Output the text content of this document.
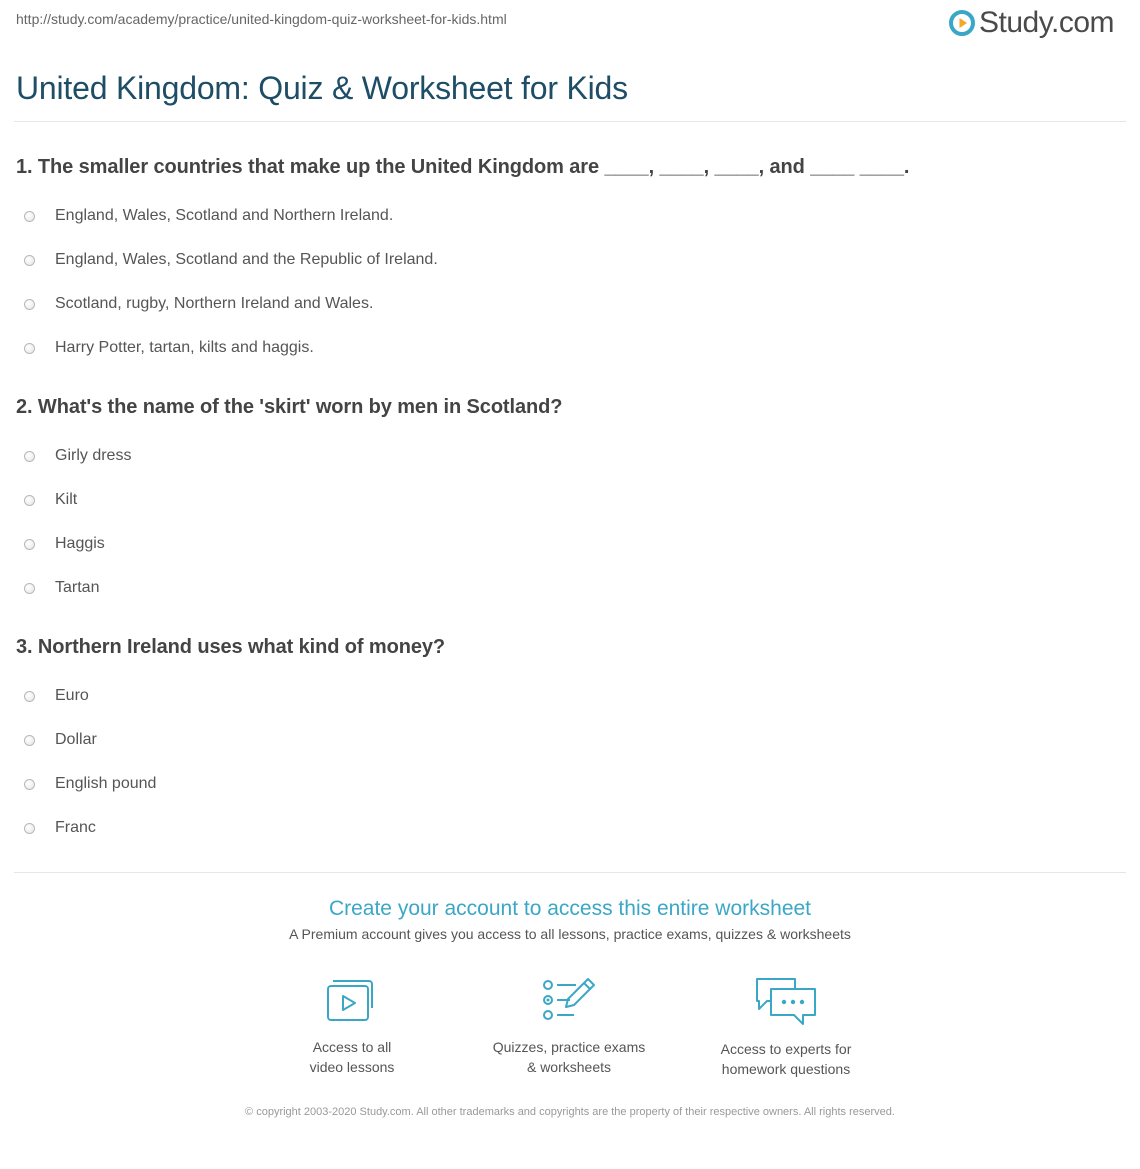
http://study.com/academy/practice/united-kingdom-quiz-worksheet-for-kids.html	Study.com
United Kingdom: Quiz & Worksheet for Kids
1. The smaller countries that make up the United Kingdom are ____, ____, ____, and ____ ____.
England, Wales, Scotland and Northern Ireland.
England, Wales, Scotland and the Republic of Ireland.
Scotland, rugby, Northern Ireland and Wales.
Harry Potter, tartan, kilts and haggis.
2. What's the name of the 'skirt' worn by men in Scotland?
Girly dress
Kilt
Haggis
Tartan
3. Northern Ireland uses what kind of money?
Euro
Dollar
English pound
Franc
Create your account to access this entire worksheet
A Premium account gives you access to all lessons, practice exams, quizzes & worksheets
Access to all
video lessons
Quizzes, practice exams
& worksheets
Access to experts for
homework questions
© copyright 2003-2020 Study.com. All other trademarks and copyrights are the property of their respective owners. All rights reserved.
